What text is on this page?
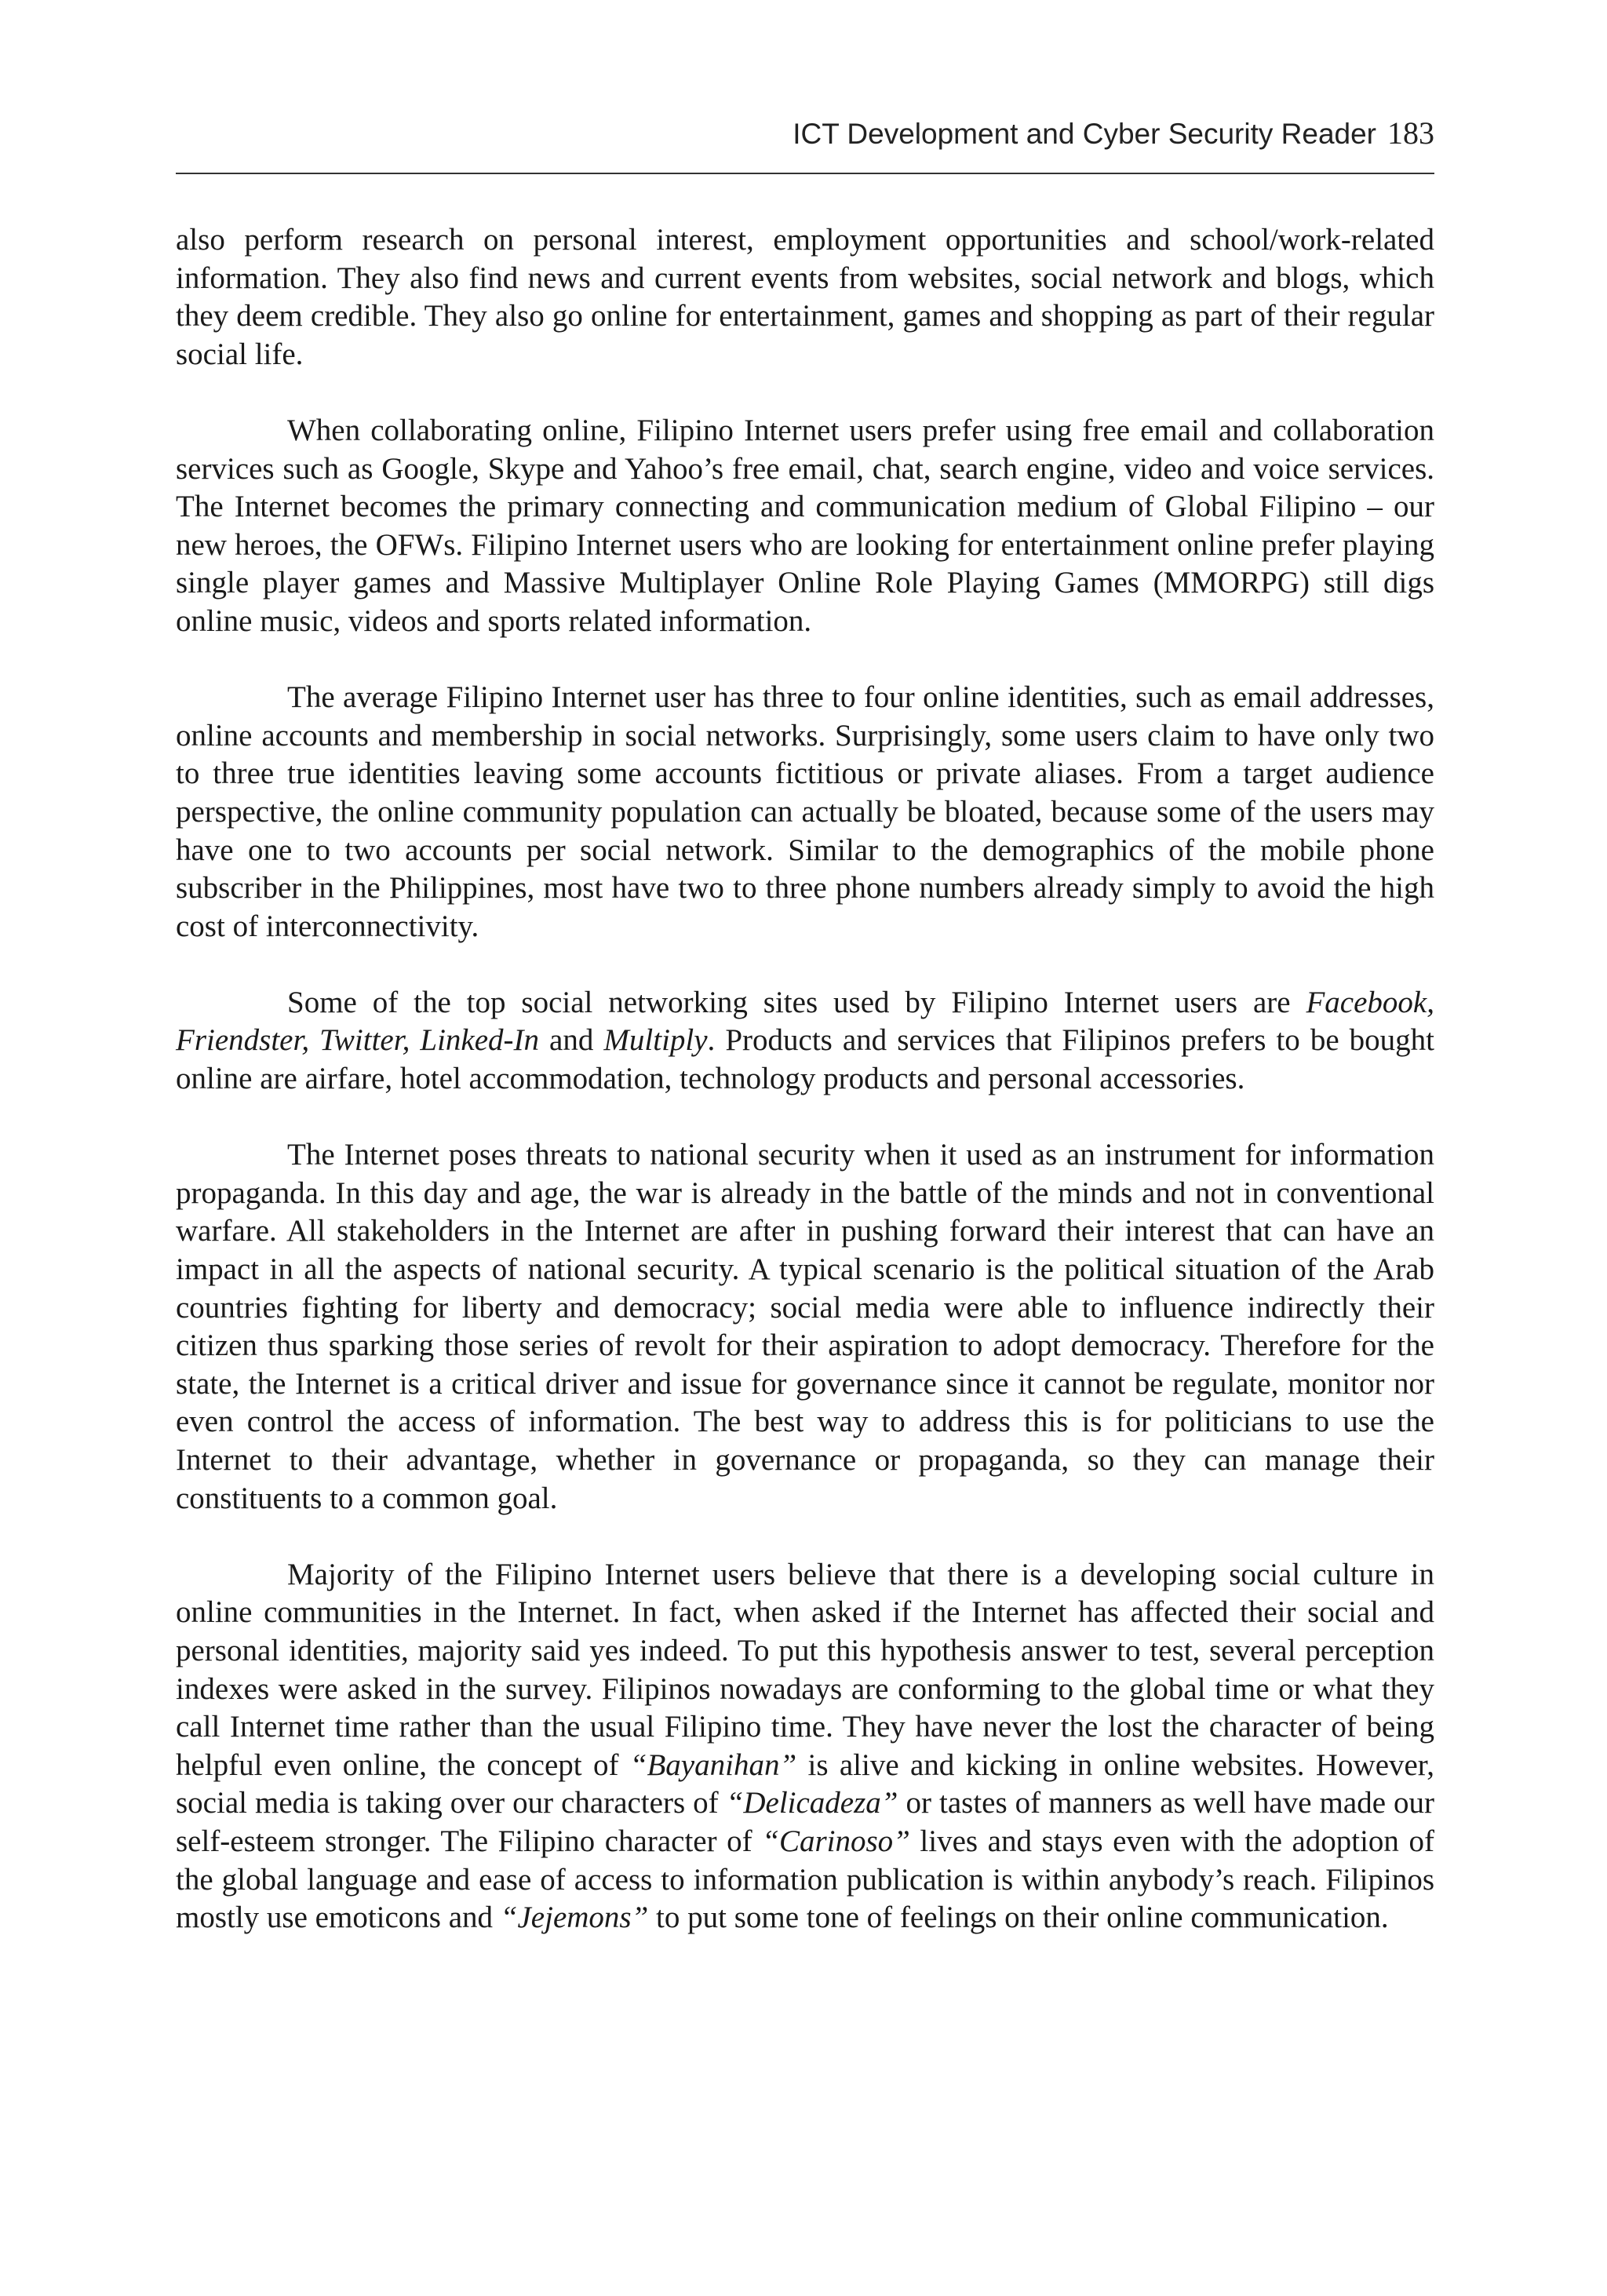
ICT Development and Cyber Security Reader 183

also perform research on personal interest, employment opportunities and school/work-related information. They also find news and current events from websites, social network and blogs, which they deem credible. They also go online for entertainment, games and shopping as part of their regular social life.

When collaborating online, Filipino Internet users prefer using free email and collaboration services such as Google, Skype and Yahoo’s free email, chat, search engine, video and voice services. The Internet becomes the primary connecting and communication medium of Global Filipino – our new heroes, the OFWs. Filipino Internet users who are looking for entertainment online prefer playing single player games and Massive Multiplayer Online Role Playing Games (MMORPG) still digs online music, videos and sports related information.

The average Filipino Internet user has three to four online identities, such as email addresses, online accounts and membership in social networks. Surprisingly, some users claim to have only two to three true identities leaving some accounts fictitious or private aliases. From a target audience perspective, the online community population can actually be bloated, because some of the users may have one to two accounts per social network. Similar to the demographics of the mobile phone subscriber in the Philippines, most have two to three phone numbers already simply to avoid the high cost of interconnectivity.

Some of the top social networking sites used by Filipino Internet users are Facebook, Friendster, Twitter, Linked-In and Multiply. Products and services that Filipinos prefers to be bought online are airfare, hotel accommodation, technology products and personal accessories.

The Internet poses threats to national security when it used as an instrument for information propaganda. In this day and age, the war is already in the battle of the minds and not in conventional warfare. All stakeholders in the Internet are after in pushing forward their interest that can have an impact in all the aspects of national security. A typical scenario is the political situation of the Arab countries fighting for liberty and democracy; social media were able to influence indirectly their citizen thus sparking those series of revolt for their aspiration to adopt democracy. Therefore for the state, the Internet is a critical driver and issue for governance since it cannot be regulate, monitor nor even control the access of information. The best way to address this is for politicians to use the Internet to their advantage, whether in governance or propaganda, so they can manage their constituents to a common goal.

Majority of the Filipino Internet users believe that there is a developing social culture in online communities in the Internet. In fact, when asked if the Internet has affected their social and personal identities, majority said yes indeed. To put this hypothesis answer to test, several perception indexes were asked in the survey. Filipinos nowadays are conforming to the global time or what they call Internet time rather than the usual Filipino time. They have never the lost the character of being helpful even online, the concept of “Bayanihan” is alive and kicking in online websites. However, social media is taking over our characters of “Delicadeza” or tastes of manners as well have made our self-esteem stronger. The Filipino character of “Carinoso” lives and stays even with the adoption of the global language and ease of access to information publication is within anybody’s reach. Filipinos mostly use emoticons and “Jejemons” to put some tone of feelings on their online communication.
